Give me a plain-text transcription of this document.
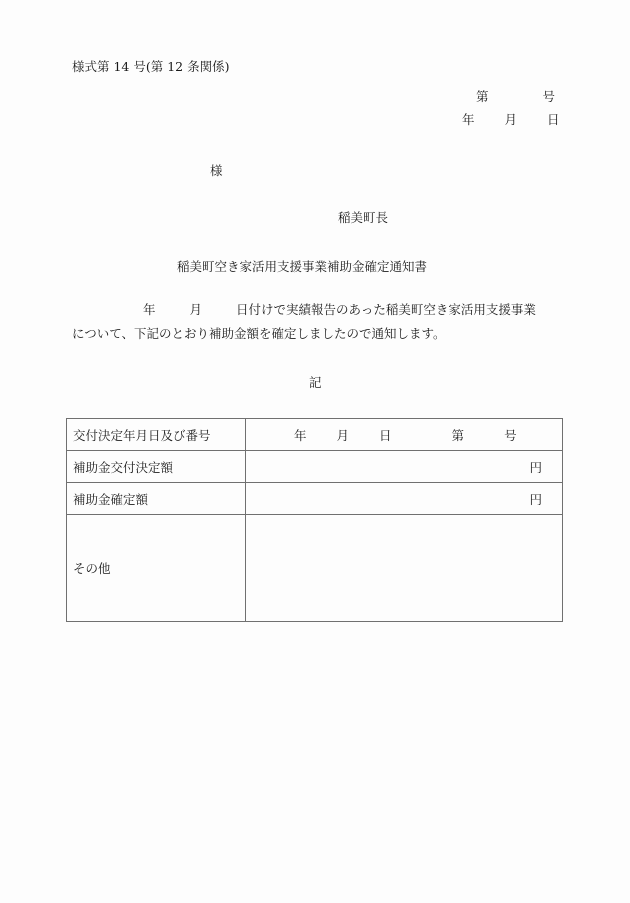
様式第 14 号(第 12 条関係)
第	号
年 月 日
様
稲美町長
稲美町空き家活用支援事業補助金確定通知書
年	月	日付けで実績報告のあった稲美町空き家活用支援事業
について、下記のとおり補助金額を確定しましたので通知します。
記
交付決定年月日及び番号	年 月 日 第 号
補助金交付決定額	円
補助金確定額	円
その他	
